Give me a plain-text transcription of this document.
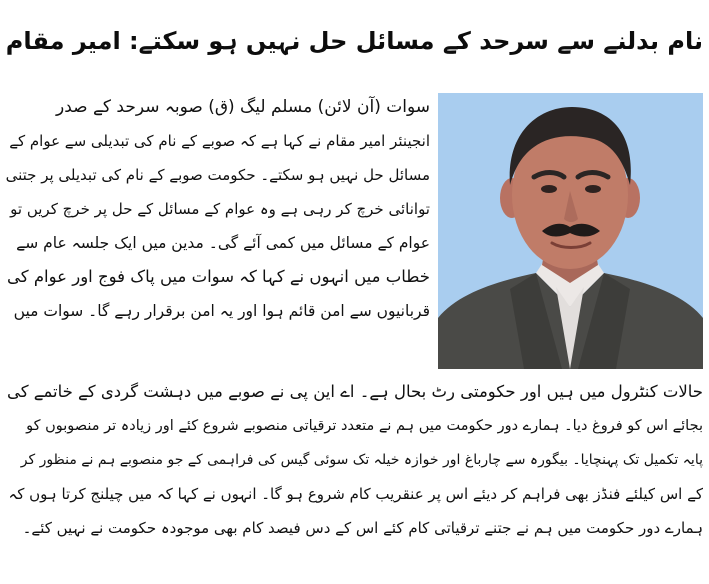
نام بدلنے سے سرحد کے مسائل حل نہیں ہو سکتے: امیر مقام
سوات (آن لائن) مسلم لیگ (ق) صوبہ سرحد کے صدر
انجینئر امیر مقام نے کہا ہے کہ صوبے کے نام کی تبدیلی سے عوام کے
مسائل حل نہیں ہو سکتے۔ حکومت صوبے کے نام کی تبدیلی پر جتنی
توانائی خرچ کر رہی ہے وہ عوام کے مسائل کے حل پر خرچ کریں تو
عوام کے مسائل میں کمی آئے گی۔ مدین میں ایک جلسہ عام سے
خطاب میں انہوں نے کہا کہ سوات میں پاک فوج اور عوام کی
قربانیوں سے امن قائم ہوا اور یہ امن برقرار رہے گا۔ سوات میں
حالات کنٹرول میں ہیں اور حکومتی رٹ بحال ہے۔ اے این پی نے صوبے میں دہشت گردی کے خاتمے کی
بجائے اس کو فروغ دیا۔ ہمارے دور حکومت میں ہم نے متعدد ترقیاتی منصوبے شروع کئے اور زیادہ تر منصوبوں کو
پایہ تکمیل تک پہنچایا۔ بیگورہ سے چارباغ اور خوازہ خیلہ تک سوئی گیس کی فراہمی کے جو منصوبے ہم نے منظور کر
کے اس کیلئے فنڈز بھی فراہم کر دیئے اس پر عنقریب کام شروع ہو گا۔ انہوں نے کہا کہ میں چیلنج کرتا ہوں کہ
ہمارے دور حکومت میں ہم نے جتنے ترقیاتی کام کئے اس کے دس فیصد کام بھی موجودہ حکومت نے نہیں کئے۔
